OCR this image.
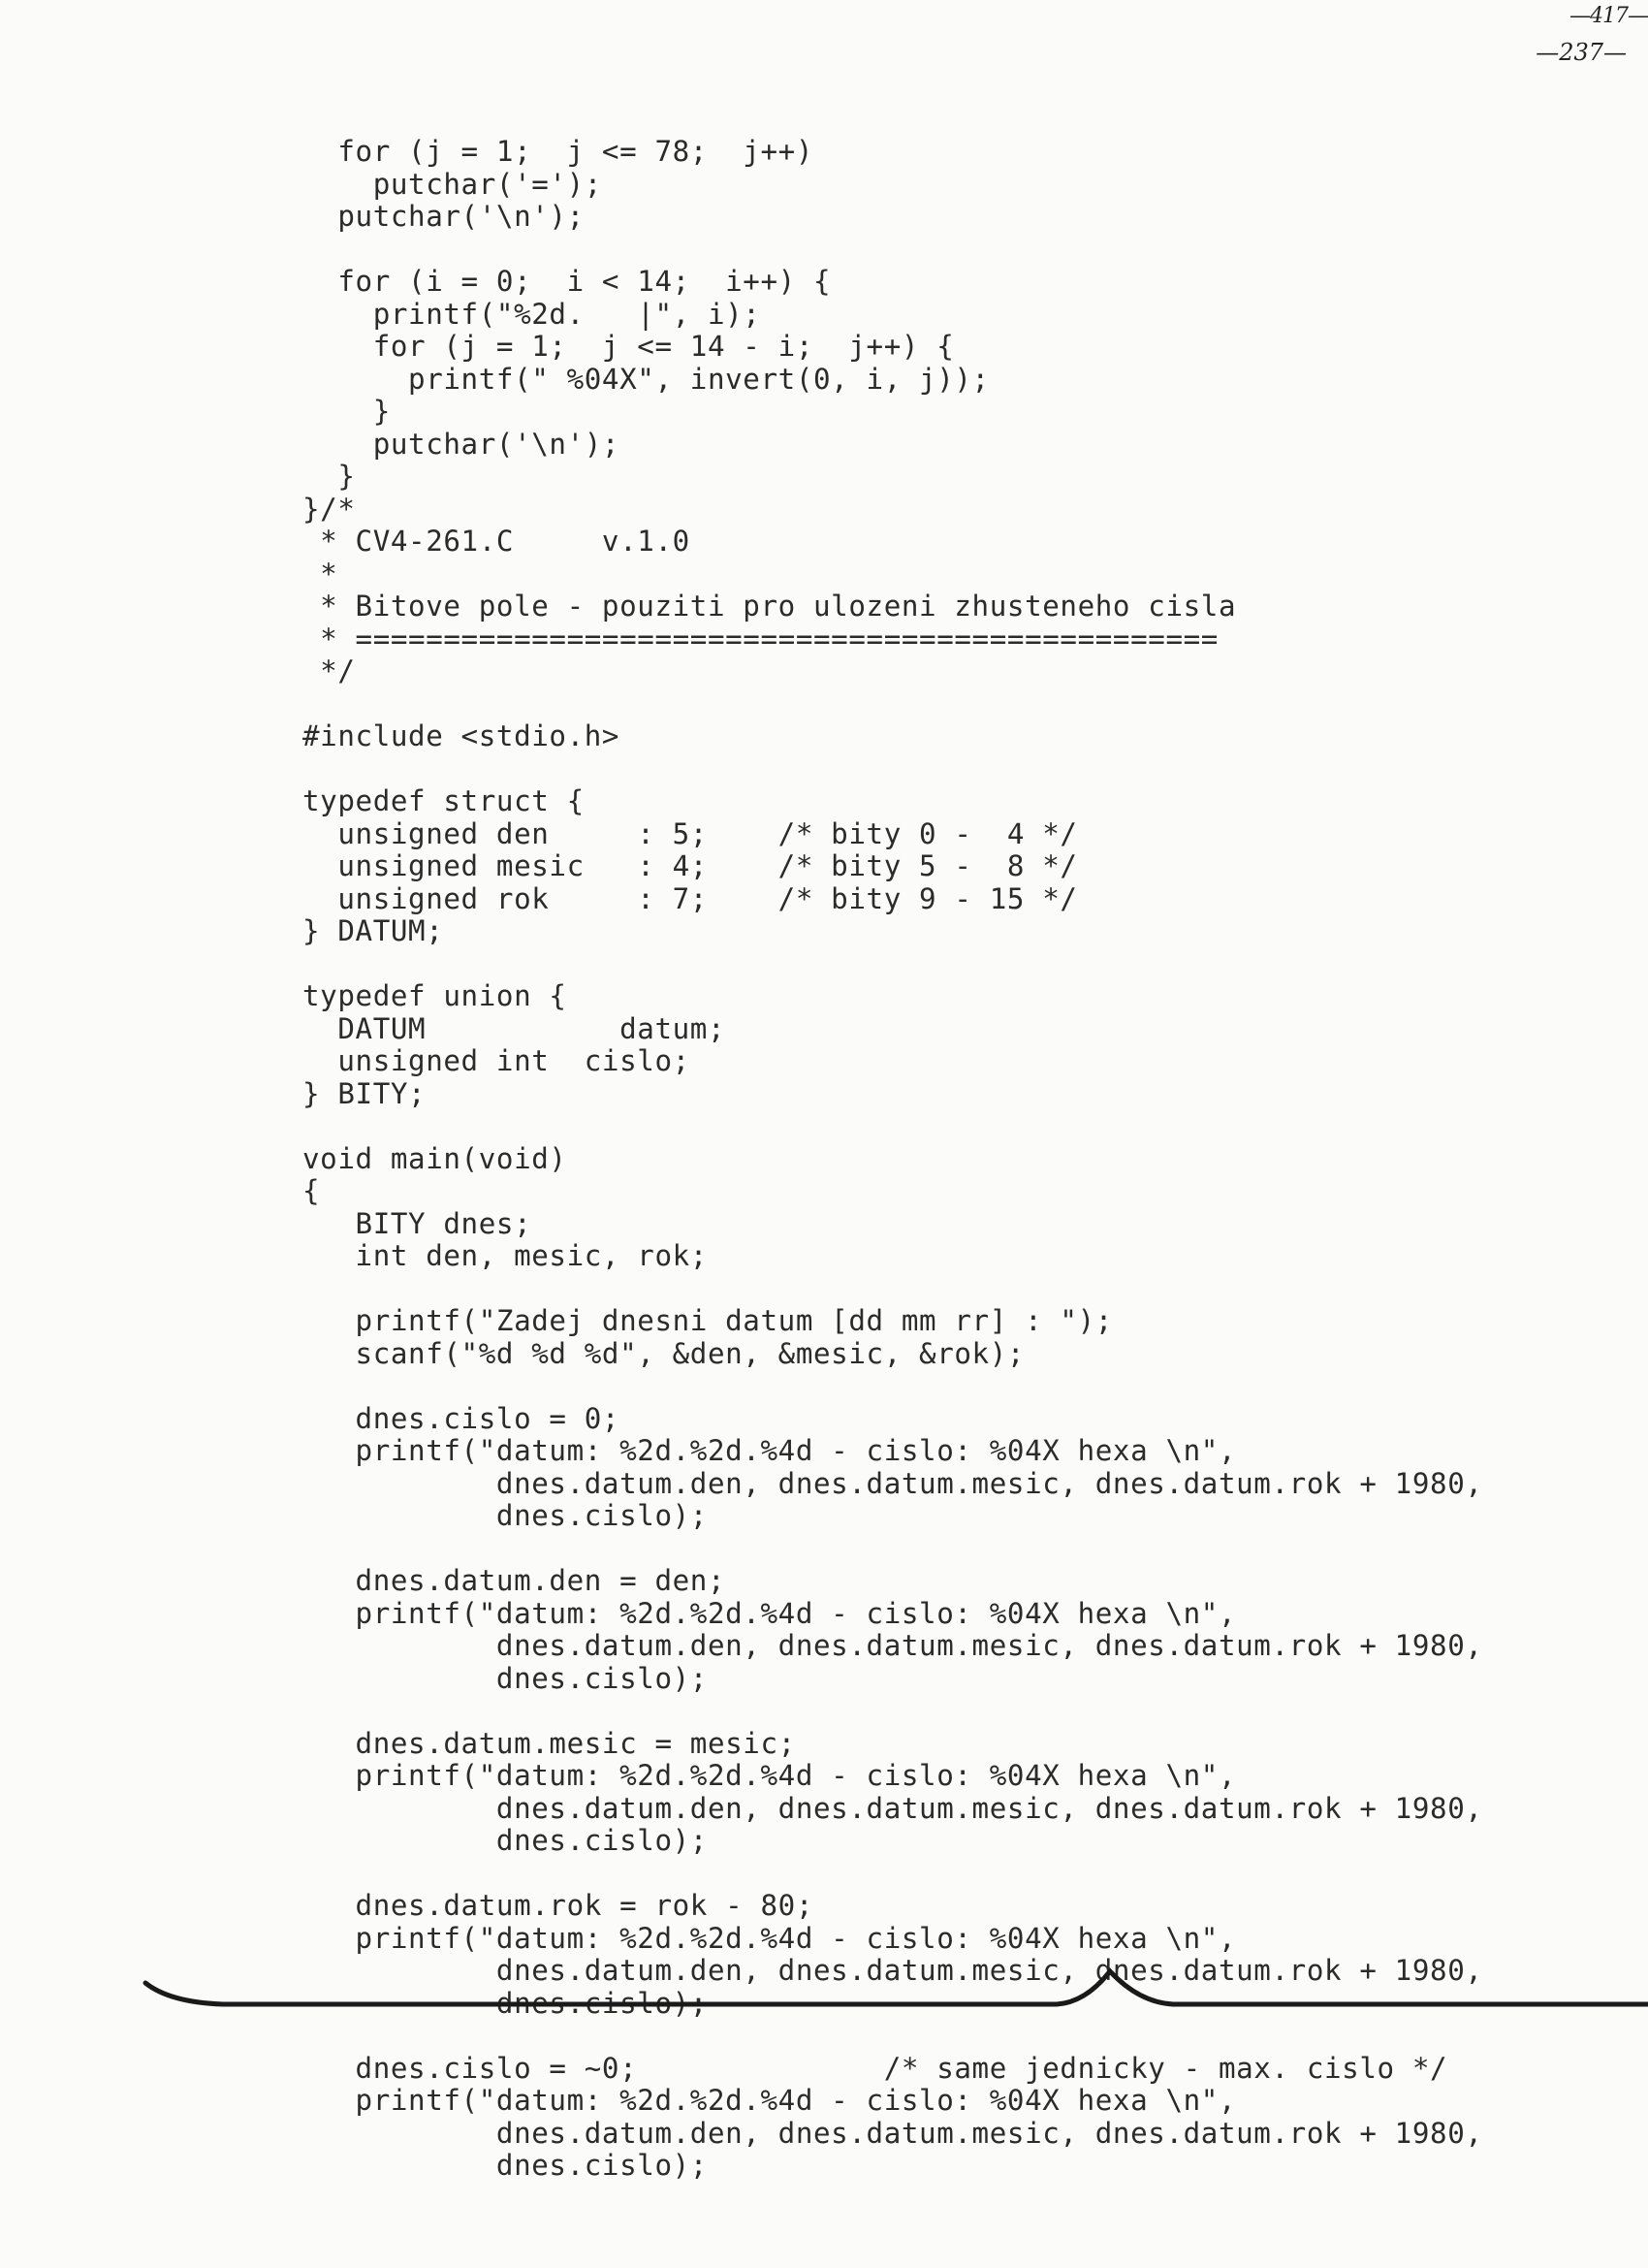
—417—
—237—
for (j = 1;  j <= 78;  j++)
putchar('=');
putchar('\n');

for (i = 0;  i < 14;  i++) {
printf("%2d.   |", i);
for (j = 1;  j <= 14 - i;  j++) {
printf(" %04X", invert(0, i, j));
}
putchar('\n');
}
}/*
* CV4-261.C     v.1.0
*
* Bitove pole - pouziti pro ulozeni zhusteneho cisla
* =================================================
*/

#include <stdio.h>

typedef struct {
unsigned den     : 5;    /* bity 0 -  4 */
unsigned mesic   : 4;    /* bity 5 -  8 */
unsigned rok     : 7;    /* bity 9 - 15 */
} DATUM;

typedef union {
DATUM           datum;
unsigned int  cislo;
} BITY;

void main(void)
{
BITY dnes;
int den, mesic, rok;

printf("Zadej dnesni datum [dd mm rr] : ");
scanf("%d %d %d", &den, &mesic, &rok);

dnes.cislo = 0;
printf("datum: %2d.%2d.%4d - cislo: %04X hexa \n",
dnes.datum.den, dnes.datum.mesic, dnes.datum.rok + 1980,
dnes.cislo);

dnes.datum.den = den;
printf("datum: %2d.%2d.%4d - cislo: %04X hexa \n",
dnes.datum.den, dnes.datum.mesic, dnes.datum.rok + 1980,
dnes.cislo);

dnes.datum.mesic = mesic;
printf("datum: %2d.%2d.%4d - cislo: %04X hexa \n",
dnes.datum.den, dnes.datum.mesic, dnes.datum.rok + 1980,
dnes.cislo);

dnes.datum.rok = rok - 80;
printf("datum: %2d.%2d.%4d - cislo: %04X hexa \n",
dnes.datum.den, dnes.datum.mesic, dnes.datum.rok + 1980,
dnes.cislo);

dnes.cislo = ~0;              /* same jednicky - max. cislo */
printf("datum: %2d.%2d.%4d - cislo: %04X hexa \n",
dnes.datum.den, dnes.datum.mesic, dnes.datum.rok + 1980,
dnes.cislo);
